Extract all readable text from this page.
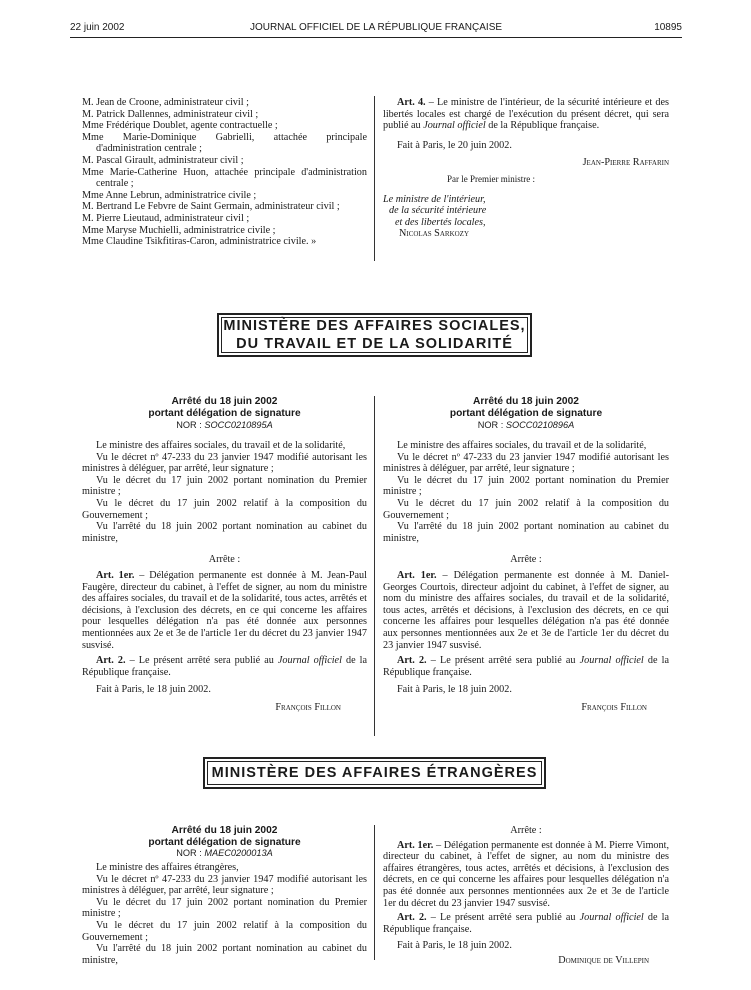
22 juin 2002	JOURNAL OFFICIEL DE LA RÉPUBLIQUE FRANÇAISE	10895

M. Jean de Croone, administrateur civil ;

M. Patrick Dallennes, administrateur civil ;

Mme Frédérique Doublet, agente contractuelle ;

Mme Marie-Dominique Gabrielli, attachée principale d'administration centrale ;

M. Pascal Girault, administrateur civil ;

Mme Marie-Catherine Huon, attachée principale d'administration centrale ;

Mme Anne Lebrun, administratrice civile ;

M. Bertrand Le Febvre de Saint Germain, administrateur civil ;

M. Pierre Lieutaud, administrateur civil ;

Mme Maryse Muchielli, administratrice civile ;

Mme Claudine Tsikfitiras-Caron, administratrice civile. »

Art. 4. – Le ministre de l'intérieur, de la sécurité intérieure et des libertés locales est chargé de l'exécution du présent décret, qui sera publié au Journal officiel de la République française.

Fait à Paris, le 20 juin 2002.

Jean-Pierre Raffarin

Par le Premier ministre :

Le ministre de l'intérieur,

de la sécurité intérieure

et des libertés locales,

Nicolas Sarkozy

MINISTÈRE DES AFFAIRES SOCIALES,
DU TRAVAIL ET DE LA SOLIDARITÉ
Arrêté du 18 juin 2002
portant délégation de signature
NOR : SOCC0210895A

Le ministre des affaires sociales, du travail et de la solidarité,

Vu le décret nº 47-233 du 23 janvier 1947 modifié autorisant les ministres à déléguer, par arrêté, leur signature ;

Vu le décret du 17 juin 2002 portant nomination du Premier ministre ;

Vu le décret du 17 juin 2002 relatif à la composition du Gouvernement ;

Vu l'arrêté du 18 juin 2002 portant nomination au cabinet du ministre,

Arrête :

Art. 1er. – Délégation permanente est donnée à M. Jean-Paul Faugère, directeur du cabinet, à l'effet de signer, au nom du ministre des affaires sociales, du travail et de la solidarité, tous actes, arrêtés et décisions, à l'exclusion des décrets, en ce qui concerne les affaires pour lesquelles délégation n'a pas été donnée aux personnes mentionnées aux 2e et 3e de l'article 1er du décret du 23 janvier 1947 susvisé.

Art. 2. – Le présent arrêté sera publié au Journal officiel de la République française.

Fait à Paris, le 18 juin 2002.

François Fillon

Arrêté du 18 juin 2002
portant délégation de signature
NOR : SOCC0210896A

Le ministre des affaires sociales, du travail et de la solidarité,

Vu le décret nº 47-233 du 23 janvier 1947 modifié autorisant les ministres à déléguer, par arrêté, leur signature ;

Vu le décret du 17 juin 2002 portant nomination du Premier ministre ;

Vu le décret du 17 juin 2002 relatif à la composition du Gouvernement ;

Vu l'arrêté du 18 juin 2002 portant nomination au cabinet du ministre,

Arrête :

Art. 1er. – Délégation permanente est donnée à M. Daniel-Georges Courtois, directeur adjoint du cabinet, à l'effet de signer, au nom du ministre des affaires sociales, du travail et de la solidarité, tous actes, arrêtés et décisions, à l'exclusion des décrets, en ce qui concerne les affaires pour lesquelles délégation n'a pas été donnée aux personnes mentionnées aux 2e et 3e de l'article 1er du décret du 23 janvier 1947 susvisé.

Art. 2. – Le présent arrêté sera publié au Journal officiel de la République française.

Fait à Paris, le 18 juin 2002.

François Fillon

MINISTÈRE DES AFFAIRES ÉTRANGÈRES
Arrêté du 18 juin 2002
portant délégation de signature
NOR : MAEC0200013A

Le ministre des affaires étrangères,

Vu le décret nº 47-233 du 23 janvier 1947 modifié autorisant les ministres à déléguer, par arrêté, leur signature ;

Vu le décret du 17 juin 2002 portant nomination du Premier ministre ;

Vu le décret du 17 juin 2002 relatif à la composition du Gouvernement ;

Vu l'arrêté du 18 juin 2002 portant nomination au cabinet du ministre,

Arrête :

Art. 1er. – Délégation permanente est donnée à M. Pierre Vimont, directeur du cabinet, à l'effet de signer, au nom du ministre des affaires étrangères, tous actes, arrêtés et décisions, à l'exclusion des décrets, en ce qui concerne les affaires pour lesquelles délégation n'a pas été donnée aux personnes mentionnées aux 2e et 3e de l'article 1er du décret du 23 janvier 1947 susvisé.

Art. 2. – Le présent arrêté sera publié au Journal officiel de la République française.

Fait à Paris, le 18 juin 2002.

Dominique de Villepin
